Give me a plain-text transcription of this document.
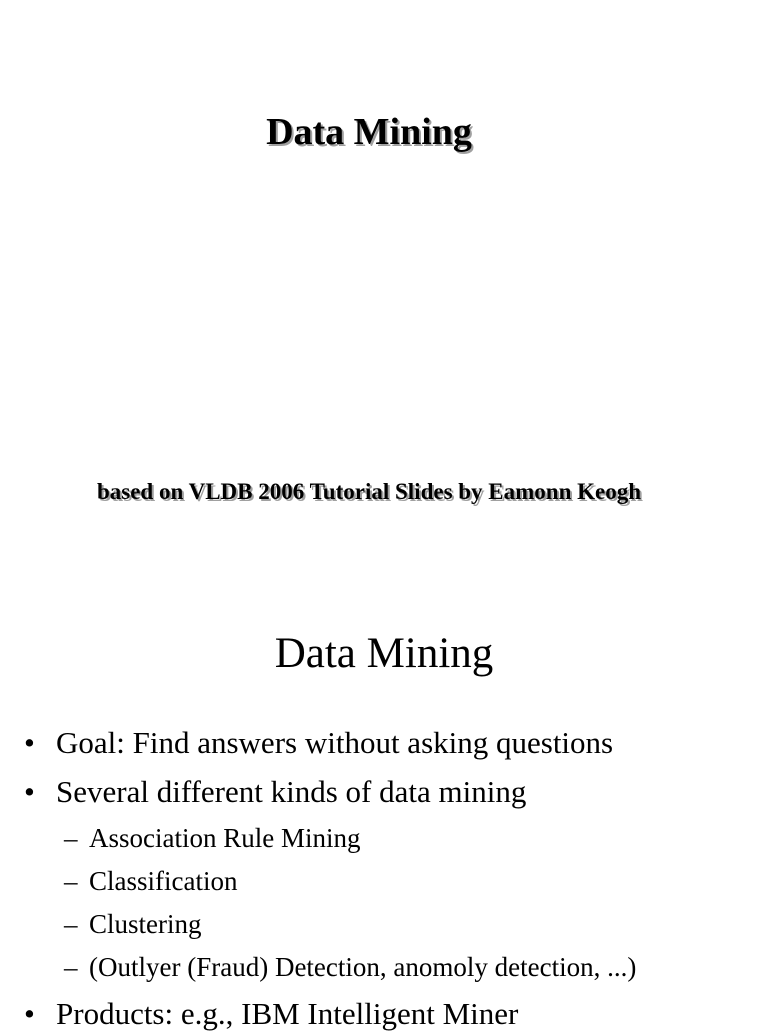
Data Mining
based on VLDB 2006 Tutorial Slides by Eamonn Keogh
Data Mining
• Goal: Find answers without asking questions
• Several different kinds of data mining
– Association Rule Mining
– Classification
– Clustering
– (Outlyer (Fraud) Detection, anomoly detection, ...)
• Products: e.g., IBM Intelligent Miner
